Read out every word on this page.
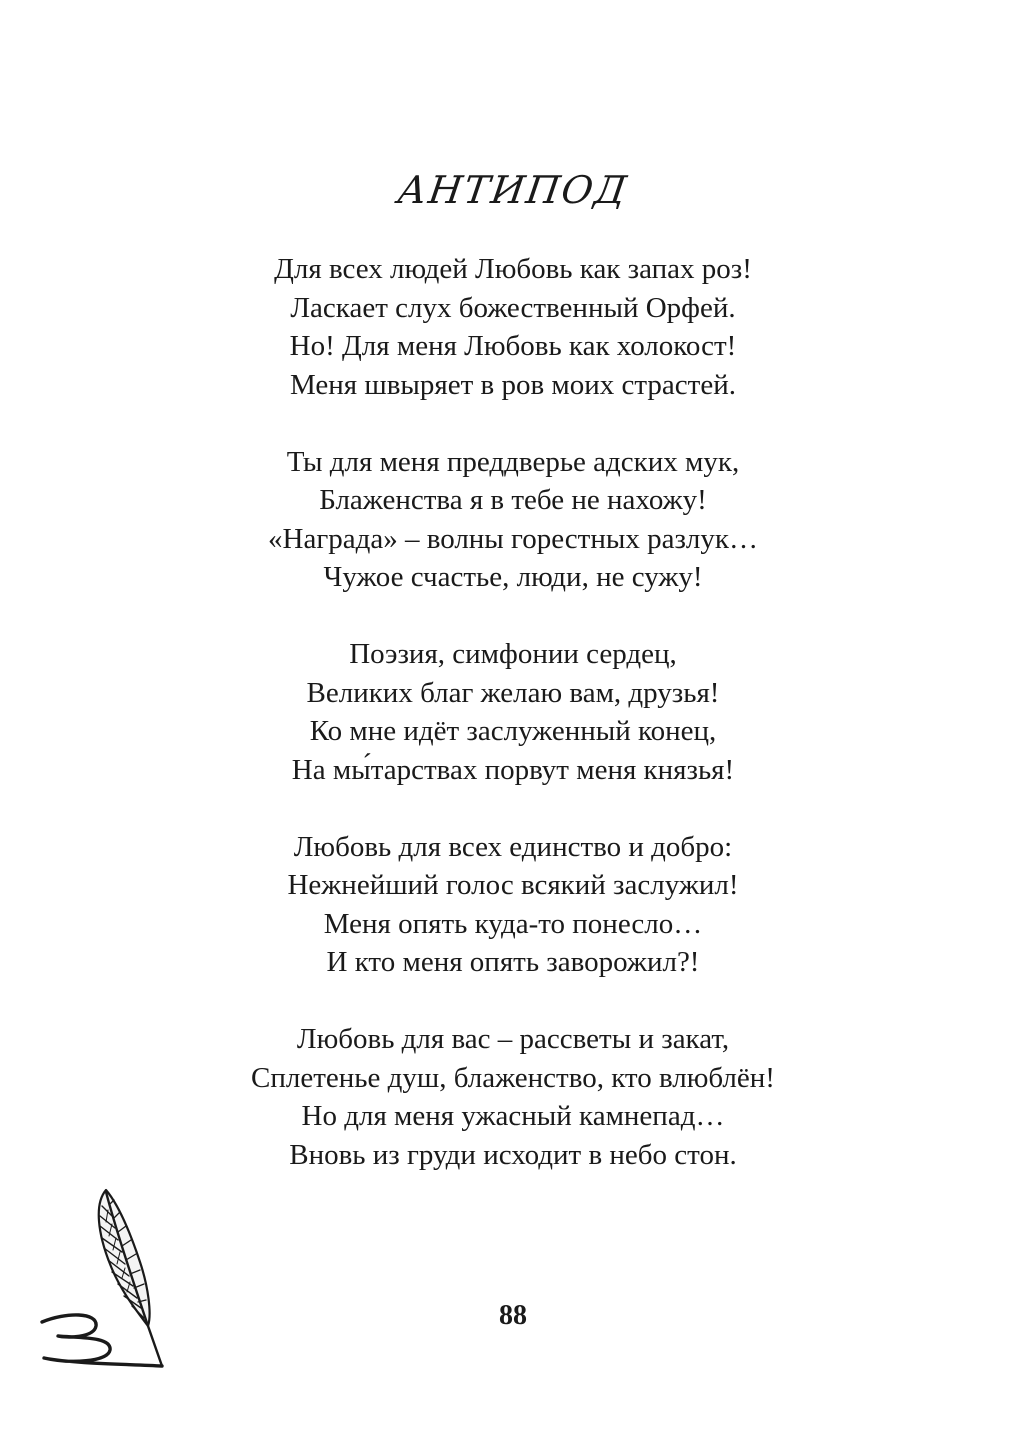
АНТИПОД
Для всех людей Любовь как запах роз!
Ласкает слух божественный Орфей.
Но! Для меня Любовь как холокост!
Меня швыряет в ров моих страстей.
Ты для меня преддверье адских мук,
Блаженства я в тебе не нахожу!
«Награда» – волны горестных разлук…
Чужое счастье, люди, не сужу!
Поэзия, симфонии сердец,
Великих благ желаю вам, друзья!
Ко мне идёт заслуженный конец,
На мы́тарствах порвут меня князья!
Любовь для всех единство и добро:
Нежнейший голос всякий заслужил!
Меня опять куда-то понесло…
И кто меня опять заворожил?!
Любовь для вас – рассветы и закат,
Сплетенье душ, блаженство, кто влюблён!
Но для меня ужасный камнепад…
Вновь из груди исходит в небо стон.
88
